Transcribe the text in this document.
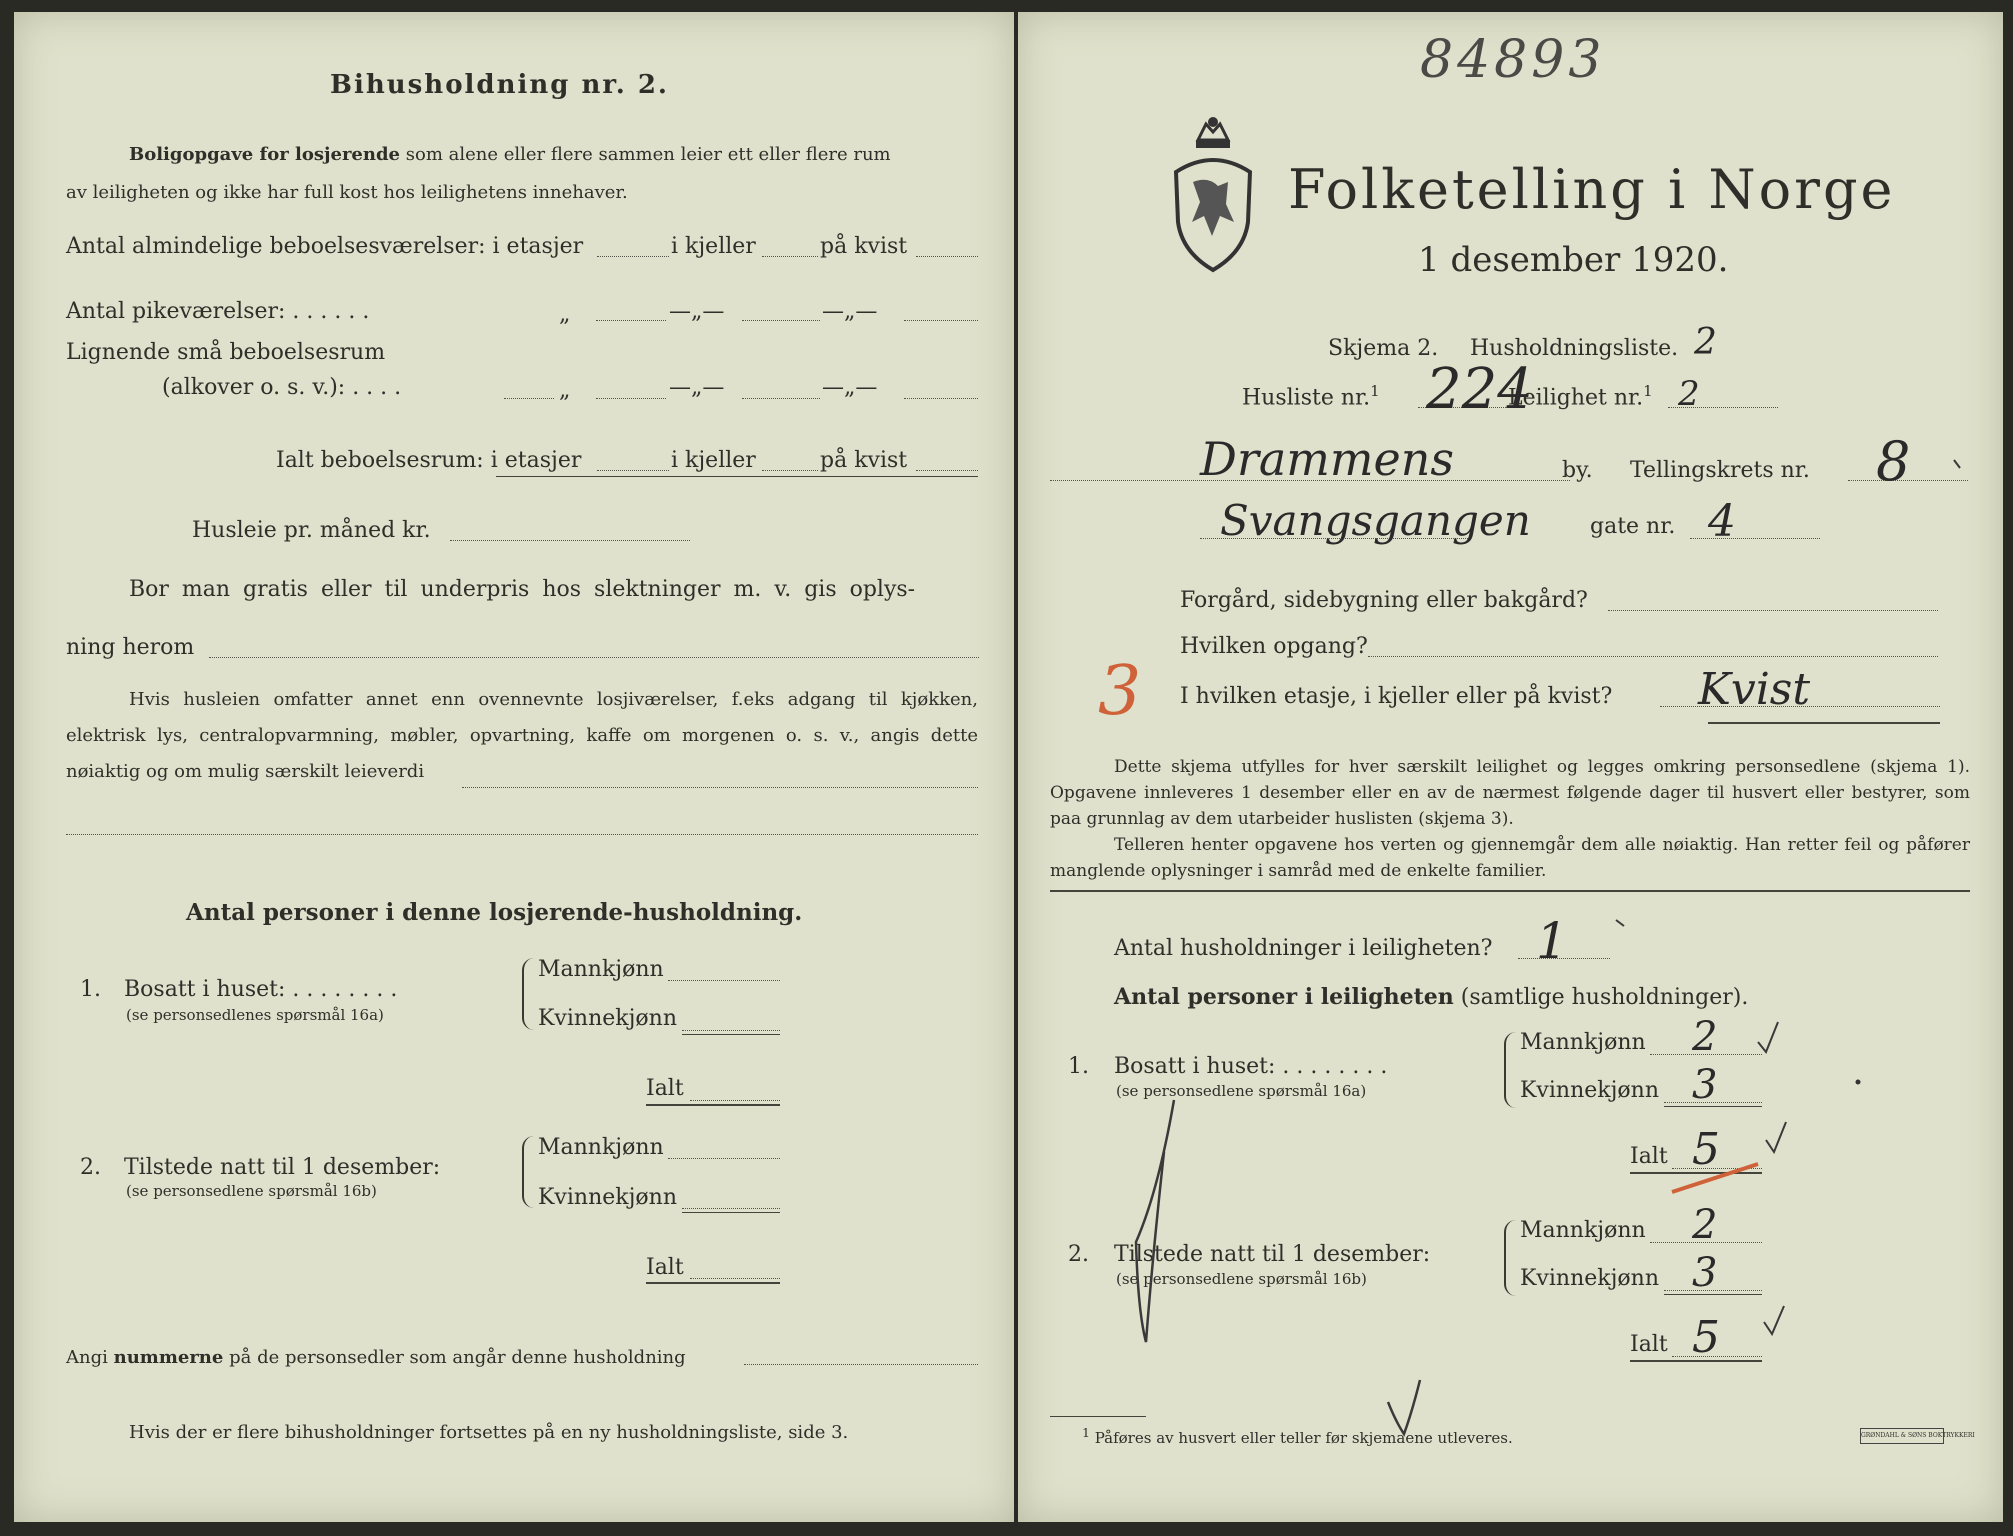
Bihusholdning nr. 2.
Boligopgave for losjerende som alene eller flere sammen leier ett eller flere rum
av leiligheten og ikke har full kost hos leilighetens innehaver.
Antal almindelige beboelsesværelser: i etasjer	i kjeller	på kvist
Antal pikeværelser: . . . . . .	„	—„—	—„—
Lignende små beboelsesrum
(alkover o. s. v.): . . . .	„	—„—	—„—
Ialt beboelsesrum: i etasjer	i kjeller	på kvist
Husleie pr. måned kr.
Bor man gratis eller til underpris hos slektninger m. v. gis oplys-
ning herom
Hvis husleien omfatter annet enn ovennevnte losjiværelser, f.eks adgang til kjøkken, elektrisk lys, centralopvarmning, møbler, opvartning, kaffe om morgenen o. s. v., angis dette nøiaktig og om mulig særskilt leieverdi
Antal personer i denne losjerende-husholdning.
1. Bosatt i huset: . . . . . . . .
(se personsedlenes spørsmål 16a)
Mannkjønn
Kvinnekjønn
Ialt
2. Tilstede natt til 1 desember:
(se personsedlene spørsmål 16b)
Mannkjønn
Kvinnekjønn
Ialt
Angi nummerne på de personsedler som angår denne husholdning
Hvis der er flere bihusholdninger fortsettes på en ny husholdningsliste, side 3.
84893
Folketelling i Norge
1 desember 1920.
Skjema 2. Husholdningsliste. 2
Husliste nr.$^1$ 224
Leilighet nr.$^1$ 2
Drammens	by. Tellingskrets nr. 8
Svangsgangen	gate nr. 4
Forgård, sidebygning eller bakgård?
Hvilken opgang?
3 I hvilken etasje, i kjeller eller på kvist? Kvist
Dette skjema utfylles for hver særskilt leilighet og legges omkring personsedlene (skjema 1). Opgavene innleveres 1 desember eller en av de nærmest følgende dager til husvert eller bestyrer, som paa grunnlag av dem utarbeider huslisten (skjema 3).
Telleren henter opgavene hos verten og gjennemgår dem alle nøiaktig. Han retter feil og påfører manglende oplysninger i samråd med de enkelte familier.
Antal husholdninger i leiligheten? 1
Antal personer i leiligheten (samtlige husholdninger).
1. Bosatt i huset: . . . . . . . .
(se personsedlene spørsmål 16a)
Mannkjønn 2
Kvinnekjønn 3
Ialt 5
2. Tilstede natt til 1 desember:
(se personsedlene spørsmål 16b)
Mannkjønn 2
Kvinnekjønn 3
Ialt 5
$^1$ Påføres av husvert eller teller før skjemaene utleveres.	GRØNDAHL & SØNS BOKTRYKKERI
